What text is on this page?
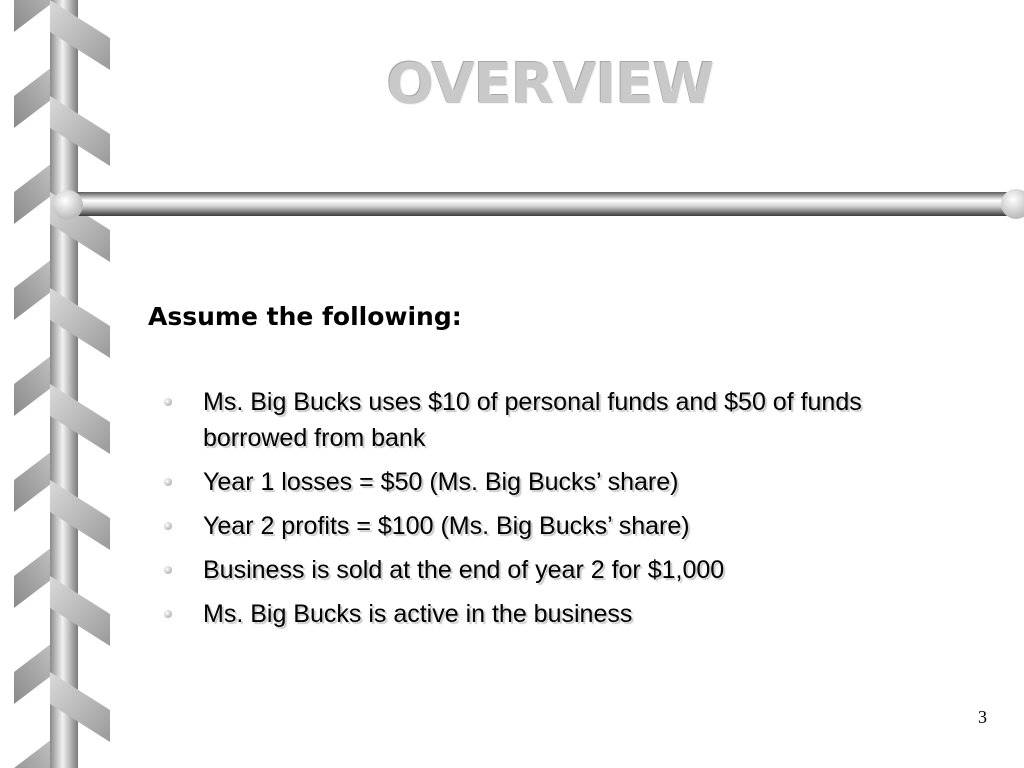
OVERVIEW
Assume the following:
Ms. Big Bucks uses $10 of personal funds and $50 of funds borrowed from bank
Year 1 losses = $50 (Ms. Big Bucks’ share)
Year 2 profits = $100 (Ms. Big Bucks’ share)
Business is sold at the end of year 2 for $1,000
Ms. Big Bucks is active in the business
3
